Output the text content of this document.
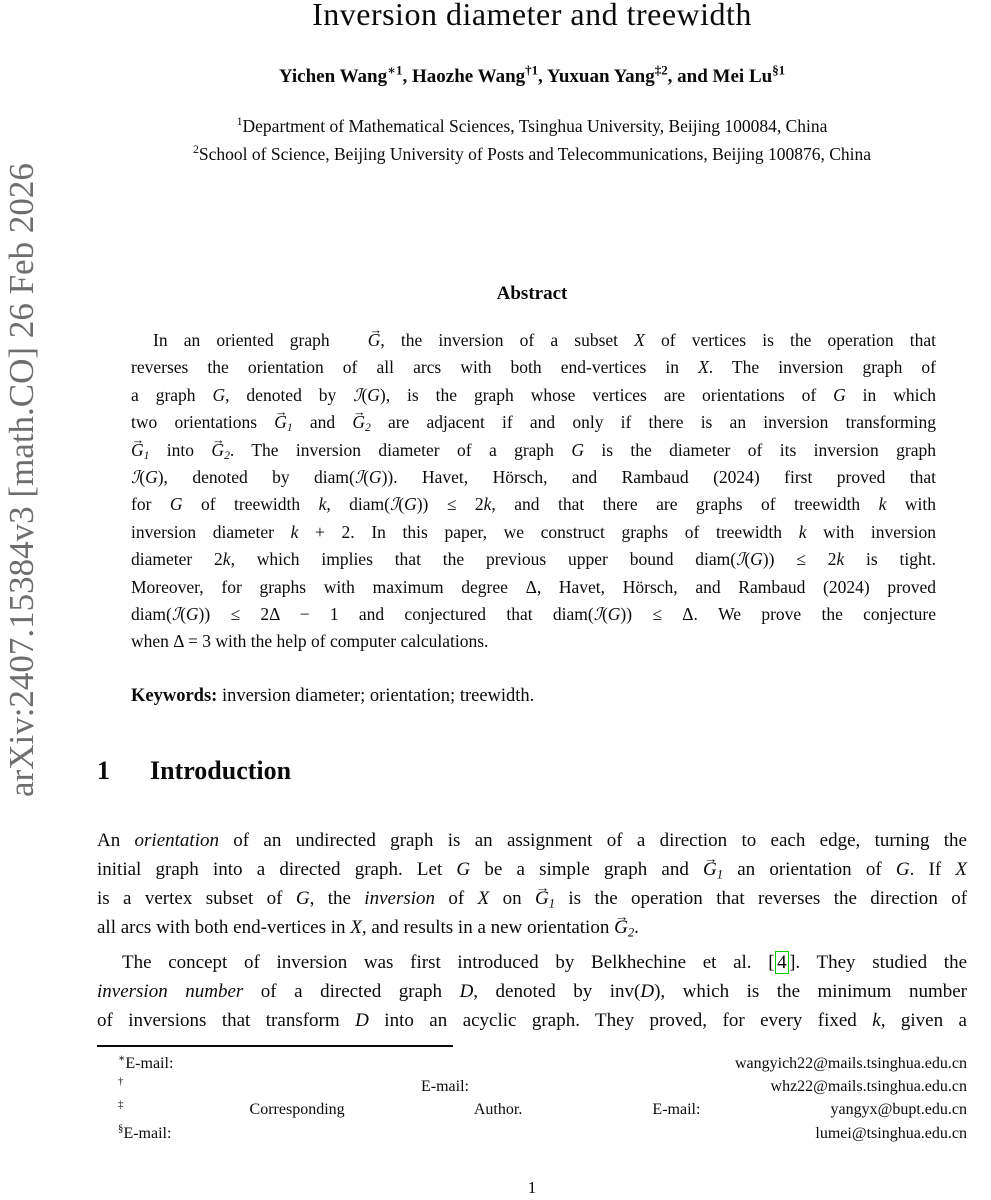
arXiv:2407.15384v3 [math.CO] 26 Feb 2026
Inversion diameter and treewidth
Yichen Wang$^{∗1}$, Haozhe Wang$^{\dagger 1}$, Yuxuan Yang$^{\ddagger 2}$, and Mei Lu$^{\S 1}$
$^1$Department of Mathematical Sciences, Tsinghua University, Beijing 100084, China
$^2$School of Science, Beijing University of Posts and Telecommunications, Beijing 100876, China
Abstract
In an oriented graph G →, the inversion of a subset X of vertices is the operation that
reverses the orientation of all arcs with both end-vertices in X. The inversion graph of
a graph G, denoted by ℐ(G), is the graph whose vertices are orientations of G in which
two orientations G →1 and G →2 are adjacent if and only if there is an inversion transforming
G →1 into G →2. The inversion diameter of a graph G is the diameter of its inversion graph
ℐ(G), denoted by diam(ℐ(G)). Havet, Hörsch, and Rambaud (2024) first proved that
for G of treewidth k, diam(ℐ(G)) ≤ 2k, and that there are graphs of treewidth k with
inversion diameter k + 2. In this paper, we construct graphs of treewidth k with inversion
diameter 2k, which implies that the previous upper bound diam(ℐ(G)) ≤ 2k is tight.
Moreover, for graphs with maximum degree Δ, Havet, Hörsch, and Rambaud (2024) proved
diam(ℐ(G)) ≤ 2Δ − 1 and conjectured that diam(ℐ(G)) ≤ Δ. We prove the conjecture
when Δ = 3 with the help of computer calculations.
Keywords: inversion diameter; orientation; treewidth.
1 Introduction
An orientation of an undirected graph is an assignment of a direction to each edge, turning the
initial graph into a directed graph. Let G be a simple graph and G →1 an orientation of G. If X
is a vertex subset of G, the inversion of X on G →1 is the operation that reverses the direction of
all arcs with both end-vertices in X, and results in a new orientation G →2.
The concept of inversion was first introduced by Belkhechine et al. [ 4 ]. They studied the
inversion number of a directed graph D, denoted by inv(D), which is the minimum number
of inversions that transform D into an acyclic graph. They proved, for every fixed k, given a
∗E-mail: wangyich22@mails.tsinghua.edu.cn
†E-mail: whz22@mails.tsinghua.edu.cn
‡Corresponding Author. E-mail: yangyx@bupt.edu.cn
§E-mail: lumei@tsinghua.edu.cn
1
